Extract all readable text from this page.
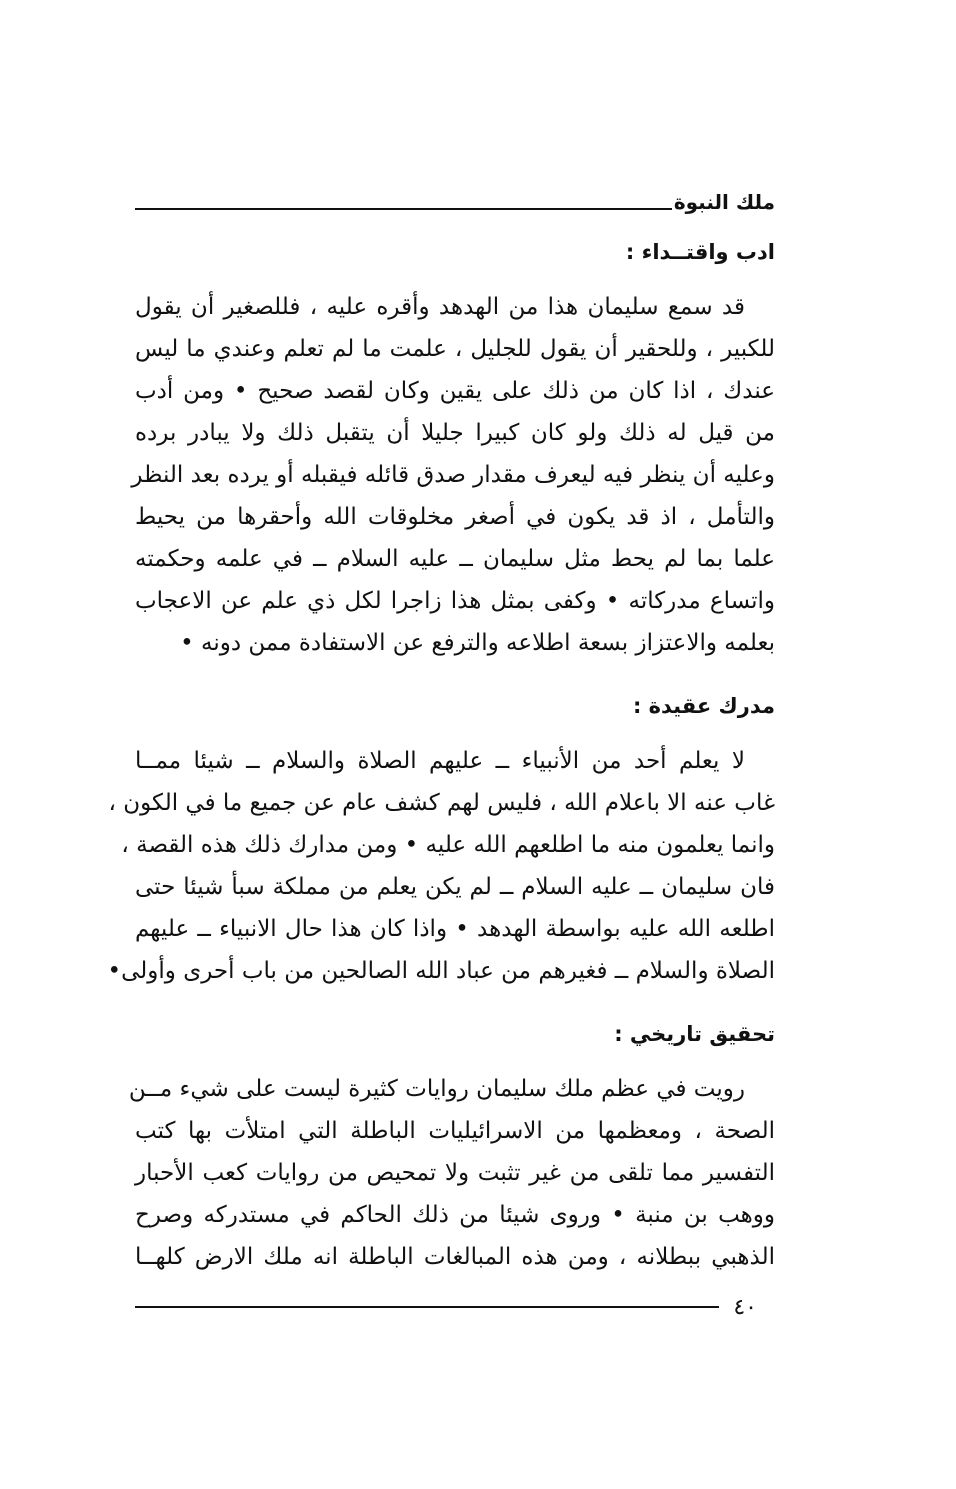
ملك النبوة
ادب واقتــداء :
قد سمع سليمان هذا من الهدهد وأقره عليه ، فللصغير أن يقول
للكبير ، وللحقير أن يقول للجليل ، علمت ما لم تعلم وعندي ما ليس
عندك ، اذا كان من ذلك على يقين وكان لقصد صحيح • ومن أدب
من قيل له ذلك ولو كان كبيرا جليلا أن يتقبل ذلك ولا يبادر برده
وعليه أن ينظر فيه ليعرف مقدار صدق قائله فيقبله أو يرده بعد النظر
والتأمل ، اذ قد يكون في أصغر مخلوقات الله وأحقرها من يحيط
علما بما لم يحط مثل سليمان ــ عليه السلام ــ في علمه وحكمته
واتساع مدركاته • وكفى بمثل هذا زاجرا لكل ذي علم عن الاعجاب
بعلمه والاعتزاز بسعة اطلاعه والترفع عن الاستفادة ممن دونه •
مدرك عقيدة :
لا يعلم أحد من الأنبياء ــ عليهم الصلاة والسلام ــ شيئا ممــا
غاب عنه الا باعلام الله ، فليس لهم كشف عام عن جميع ما في الكون ،
وانما يعلمون منه ما اطلعهم الله عليه • ومن مدارك ذلك هذه القصة ،
فان سليمان ــ عليه السلام ــ لم يكن يعلم من مملكة سبأ شيئا حتى
اطلعه الله عليه بواسطة الهدهد • واذا كان هذا حال الانبياء ــ عليهم
الصلاة والسلام ــ فغيرهم من عباد الله الصالحين من باب أحرى وأولى•
تحقيق تاريخي :
رويت في عظم ملك سليمان روايات كثيرة ليست على شيء مــن
الصحة ، ومعظمها من الاسرائيليات الباطلة التي امتلأت بها كتب
التفسير مما تلقى من غير تثبت ولا تمحيص من روايات كعب الأحبار
ووهب بن منبة • وروى شيئا من ذلك الحاكم في مستدركه وصرح
الذهبي ببطلانه ، ومن هذه المبالغات الباطلة انه ملك الارض كلهــا
٤٠
